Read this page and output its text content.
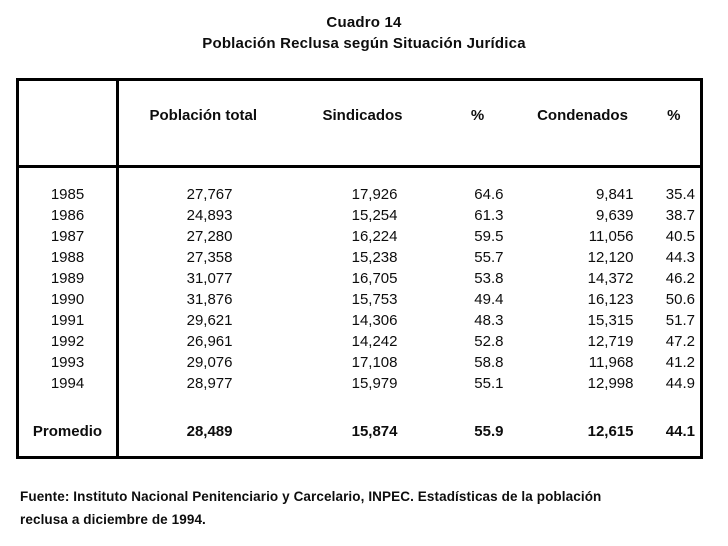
Cuadro 14
Población Reclusa según Situación Jurídica
	Población total	Sindicados	%	Condenados	%
1985	27,767	17,926	64.6	9,841	35.4
1986	24,893	15,254	61.3	9,639	38.7
1987	27,280	16,224	59.5	11,056	40.5
1988	27,358	15,238	55.7	12,120	44.3
1989	31,077	16,705	53.8	14,372	46.2
1990	31,876	15,753	49.4	16,123	50.6
1991	29,621	14,306	48.3	15,315	51.7
1992	26,961	14,242	52.8	12,719	47.2
1993	29,076	17,108	58.8	11,968	41.2
1994	28,977	15,979	55.1	12,998	44.9
Promedio	28,489	15,874	55.9	12,615	44.1

Fuente: Instituto Nacional Penitenciario y Carcelario, INPEC. Estadísticas de la población reclusa a diciembre de 1994.
